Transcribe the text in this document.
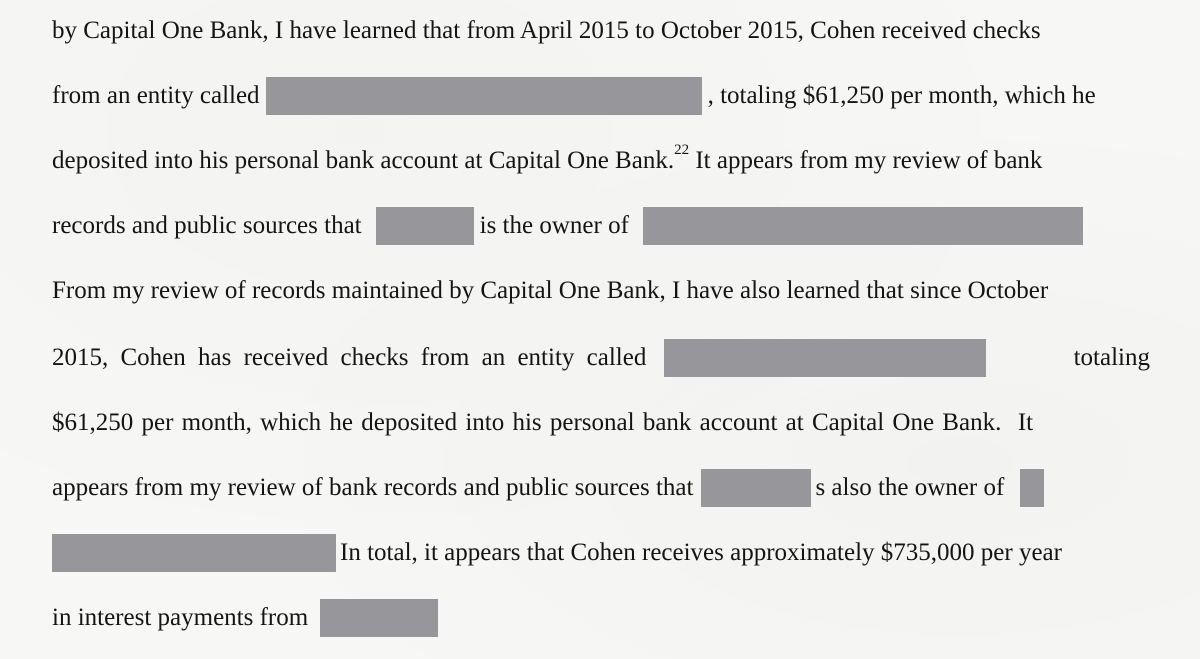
by Capital One Bank, I have learned that from April 2015 to October 2015, Cohen received checks
from an entity called	, totaling $61,250 per month, which he
deposited into his personal bank account at Capital One Bank.$^{22}$ It appears from my review of bank
records and public sources that	is the owner of
From my review of records maintained by Capital One Bank, I have also learned that since October
2015, Cohen has received checks from an entity called	totaling
$61,250 per month, which he deposited into his personal bank account at Capital One Bank.  It
appears from my review of bank records and public sources that	s also the owner of
In total, it appears that Cohen receives approximately $735,000 per year
in interest payments from
